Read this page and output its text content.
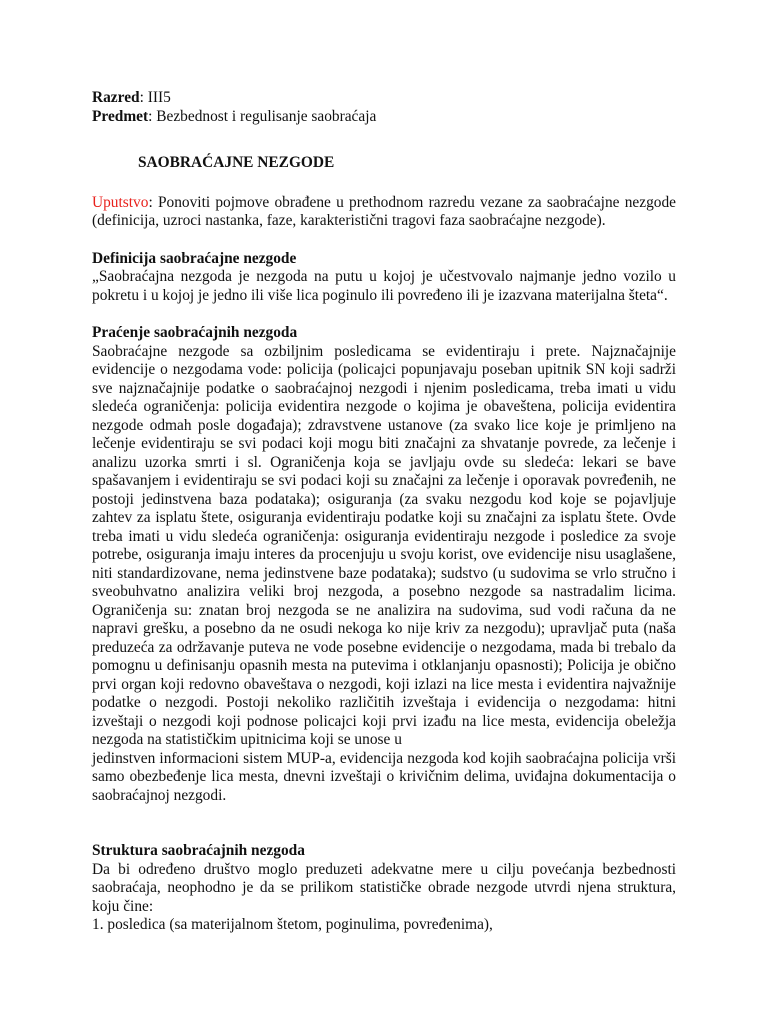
Razred: III5
Predmet: Bezbednost i regulisanje saobraćaja
SAOBRAĆAJNE NEZGODE
Uputstvo: Ponoviti pojmove obrađene u prethodnom razredu vezane za saobraćajne nezgode (definicija, uzroci nastanka, faze, karakteristični tragovi faza saobraćajne nezgode).
Definicija saobraćajne nezgode
„Saobraćajna nezgoda je nezgoda na putu u kojoj je učestvovalo najmanje jedno vozilo u pokretu i u kojoj je jedno ili više lica poginulo ili povređeno ili je izazvana materijalna šteta“.
Praćenje saobraćajnih nezgoda
Saobraćajne nezgode sa ozbiljnim posledicama se evidentiraju i prete. Najznačajnije evidencije o nezgodama vode: policija (policajci popunjavaju poseban upitnik SN koji sadrži sve najznačajnije podatke o saobraćajnoj nezgodi i njenim posledicama, treba imati u vidu sledeća ograničenja: policija evidentira nezgode o kojima je obaveštena, policija evidentira nezgode odmah posle događaja); zdravstvene ustanove (za svako lice koje je primljeno na lečenje evidentiraju se svi podaci koji mogu biti značajni za shvatanje povrede, za lečenje i analizu uzorka smrti i sl. Ograničenja koja se javljaju ovde su sledeća: lekari se bave spašavanjem i evidentiraju se svi podaci koji su značajni za lečenje i oporavak povređenih, ne postoji jedinstvena baza podataka); osiguranja (za svaku nezgodu kod koje se pojavljuje zahtev za isplatu štete, osiguranja evidentiraju podatke koji su značajni za isplatu štete. Ovde treba imati u vidu sledeća ograničenja: osiguranja evidentiraju nezgode i posledice za svoje potrebe, osiguranja imaju interes da procenjuju u svoju korist, ove evidencije nisu usaglašene, niti standardizovane, nema jedinstvene baze podataka); sudstvo (u sudovima se vrlo stručno i sveobuhvatno analizira veliki broj nezgoda, a posebno nezgode sa nastradalim licima. Ograničenja su: znatan broj nezgoda se ne analizira na sudovima, sud vodi računa da ne napravi grešku, a posebno da ne osudi nekoga ko nije kriv za nezgodu); upravljač puta (naša preduzeća za održavanje puteva ne vode posebne evidencije o nezgodama, mada bi trebalo da pomognu u definisanju opasnih mesta na putevima i otklanjanju opasnosti); Policija je obično prvi organ koji redovno obaveštava o nezgodi, koji izlazi na lice mesta i evidentira najvažnije podatke o nezgodi. Postoji nekoliko različitih izveštaja i evidencija o nezgodama: hitni izveštaji o nezgodi koji podnose policajci koji prvi izađu na lice mesta, evidencija obeležja nezgoda na statističkim upitnicima koji se unose u
jedinstven informacioni sistem MUP-a, evidencija nezgoda kod kojih saobraćajna policija vrši samo obezbeđenje lica mesta, dnevni izveštaji o krivičnim delima, uviđajna dokumentacija o saobraćajnoj nezgodi.
Struktura saobraćajnih nezgoda
Da bi određeno društvo moglo preduzeti adekvatne mere u cilju povećanja bezbednosti saobraćaja, neophodno je da se prilikom statističke obrade nezgode utvrdi njena struktura, koju čine:
1. posledica (sa materijalnom štetom, poginulima, povređenima),
